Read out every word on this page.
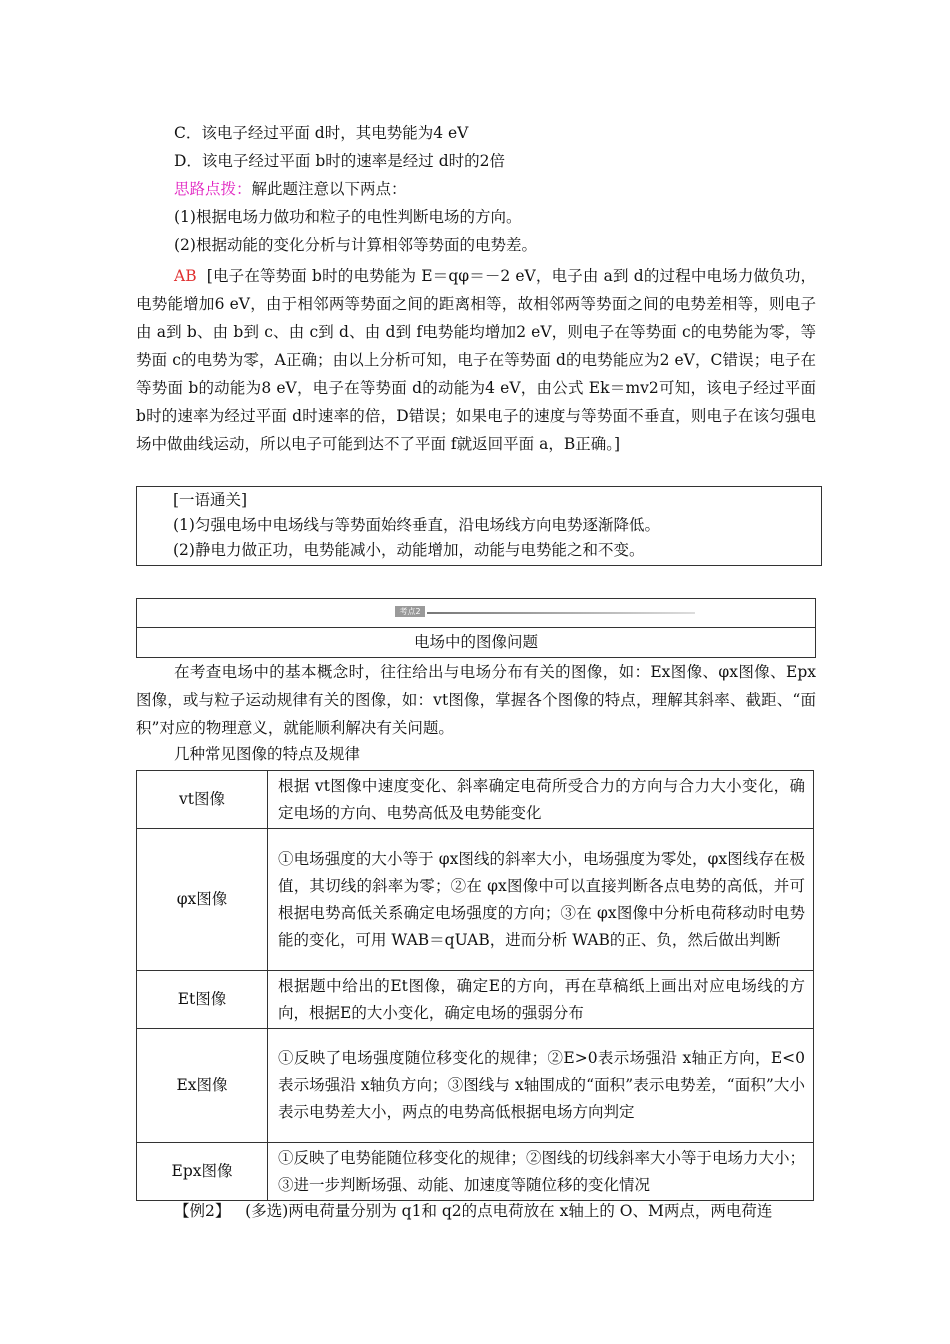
C．该电子经过平面 d时，其电势能为4 eV
D．该电子经过平面 b时的速率是经过 d时的2倍
思路点拨：解此题注意以下两点：
(1)根据电场力做功和粒子的电性判断电场的方向。
(2)根据动能的变化分析与计算相邻等势面的电势差。
AB [电子在等势面 b时的电势能为 E＝qφ＝－2 eV，电子由 a到 d的过程中电场力做负功，电势能增加6 eV，由于相邻两等势面之间的距离相等，故相邻两等势面之间的电势差相等，则电子由 a到 b、由 b到 c、由 c到 d、由 d到 f电势能均增加2 eV，则电子在等势面 c的电势能为零，等势面 c的电势为零，A正确；由以上分析可知，电子在等势面 d的电势能应为2 eV，C错误；电子在等势面 b的动能为8 eV，电子在等势面 d的动能为4 eV，由公式 Ek＝mv2可知，该电子经过平面 b时的速率为经过平面 d时速率的倍，D错误；如果电子的速度与等势面不垂直，则电子在该匀强电场中做曲线运动，所以电子可能到达不了平面 f就返回平面 a，B正确。]
[一语通关]
(1)匀强电场中电场线与等势面始终垂直，沿电场线方向电势逐渐降低。
(2)静电力做正功，电势能减小，动能增加，动能与电势能之和不变。
考点2
电场中的图像问题
在考查电场中的基本概念时，往往给出与电场分布有关的图像，如：Ex图像、φx图像、Epx图像，或与粒子运动规律有关的图像，如：vt图像，掌握各个图像的特点，理解其斜率、截距、“面积”对应的物理意义，就能顺利解决有关问题。
几种常见图像的特点及规律
vt图像	根据 vt图像中速度变化、斜率确定电荷所受合力的方向与合力大小变化，确定电场的方向、电势高低及电势能变化
φx图像	①电场强度的大小等于 φx图线的斜率大小，电场强度为零处，φx图线存在极值，其切线的斜率为零；②在 φx图像中可以直接判断各点电势的高低，并可根据电势高低关系确定电场强度的方向；③在 φx图像中分析电荷移动时电势能的变化，可用 WAB＝qUAB，进而分析 WAB的正、负，然后做出判断
Et图像	根据题中给出的Et图像，确定E的方向，再在草稿纸上画出对应电场线的方向，根据E的大小变化，确定电场的强弱分布
Ex图像	①反映了电场强度随位移变化的规律；②E>0表示场强沿 x轴正方向，E<0表示场强沿 x轴负方向；③图线与 x轴围成的“面积”表示电势差，“面积”大小表示电势差大小，两点的电势高低根据电场方向判定
Epx图像	①反映了电势能随位移变化的规律；②图线的切线斜率大小等于电场力大小；③进一步判断场强、动能、加速度等随位移的变化情况
【例2】 (多选)两电荷量分别为 q1和 q2的点电荷放在 x轴上的 O、M两点，两电荷连
